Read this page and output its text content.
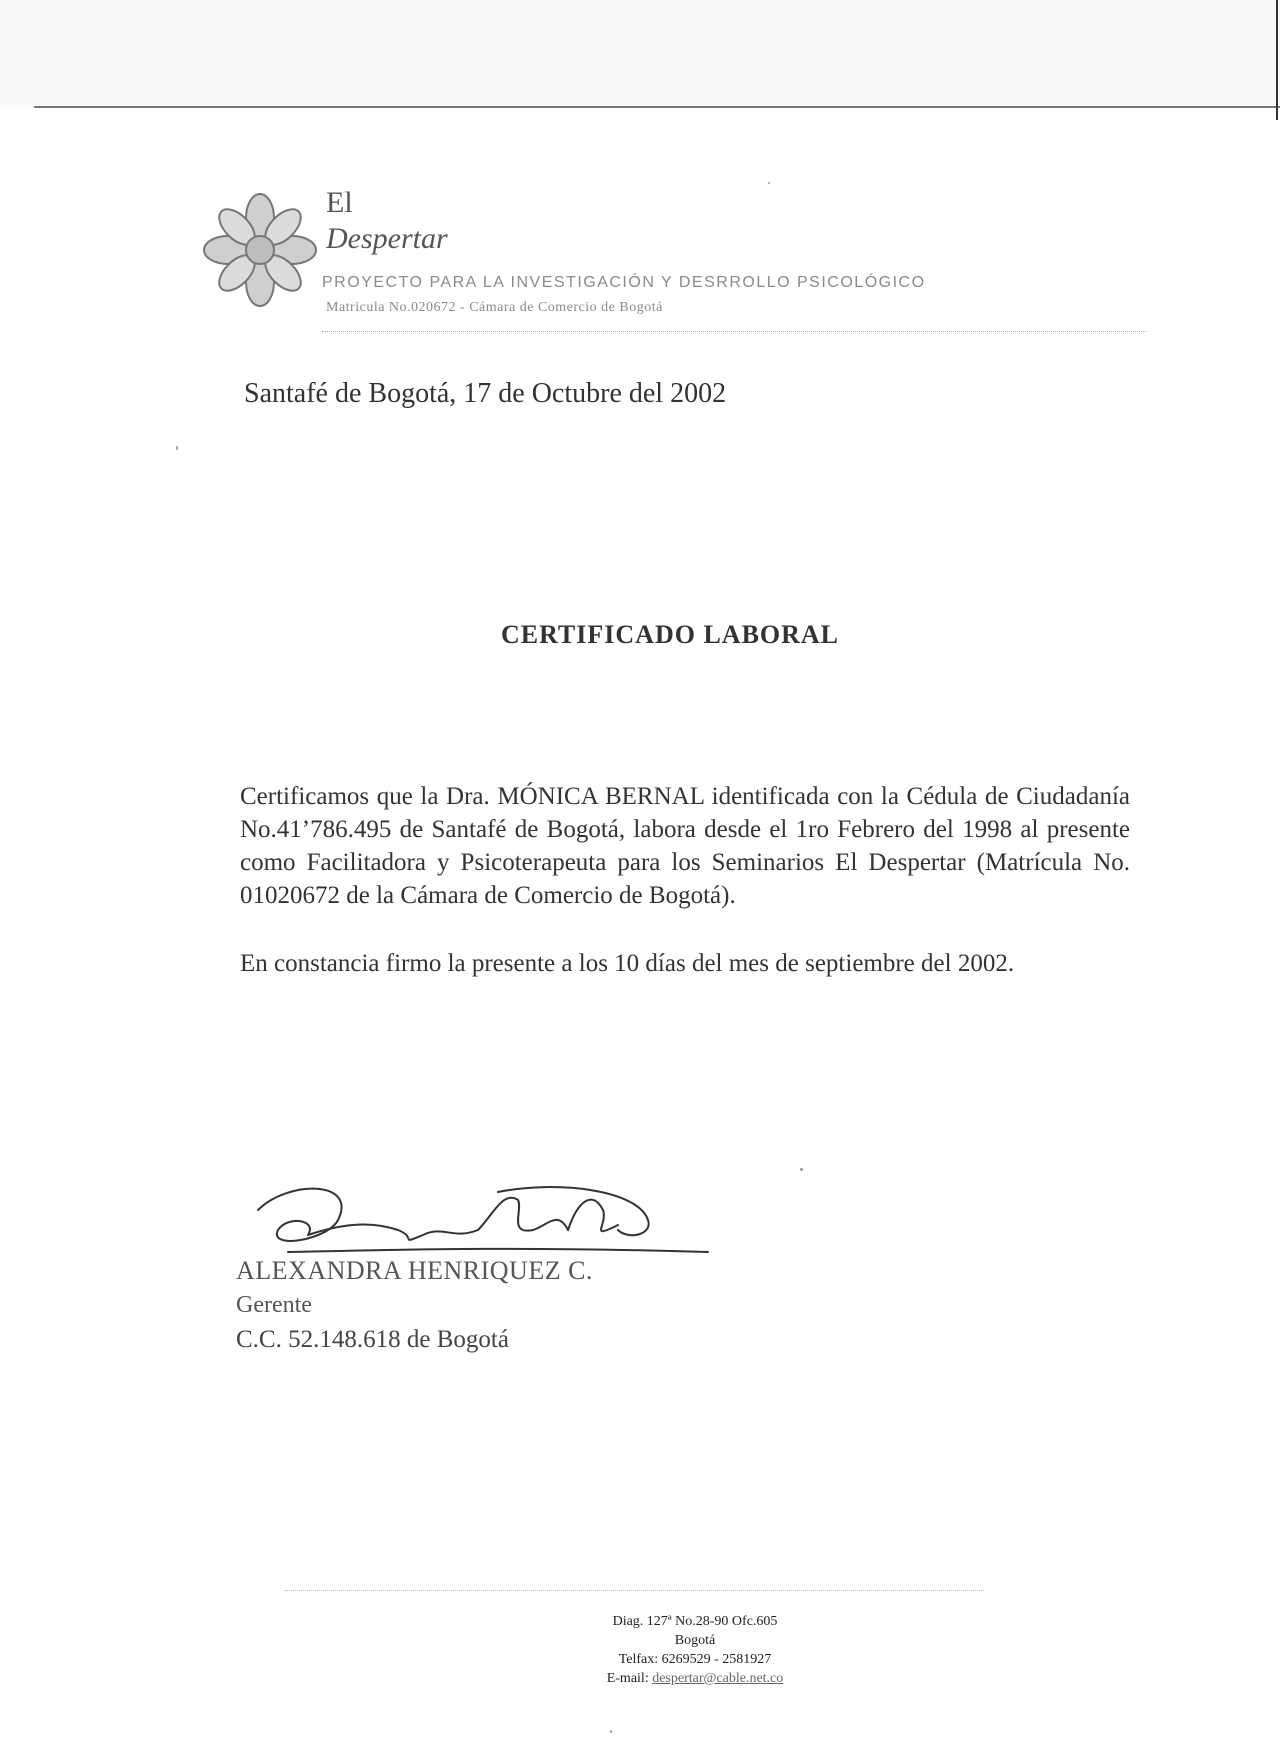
El
Despertar
PROYECTO PARA LA INVESTIGACIÓN Y DESRROLLO PSICOLÓGICO
Matricula No.020672 - Cámara de Comercio de Bogotá
Santafé de Bogotá, 17 de Octubre del 2002
CERTIFICADO LABORAL
Certificamos que la Dra. MÓNICA BERNAL identificada con la Cédula de Ciudadanía No.41’786.495 de Santafé de Bogotá, labora desde el 1ro Febrero del 1998 al presente como Facilitadora y Psicoterapeuta para los Seminarios El Despertar (Matrícula No. 01020672 de la Cámara de Comercio de Bogotá).
En constancia firmo la presente a los 10 días del mes de septiembre del 2002.
ALEXANDRA HENRIQUEZ C.
Gerente
C.C. 52.148.618 de Bogotá
Diag. 127ª No.28-90 Ofc.605
Bogotá
Telfax: 6269529 - 2581927
E-mail: despertar@cable.net.co
